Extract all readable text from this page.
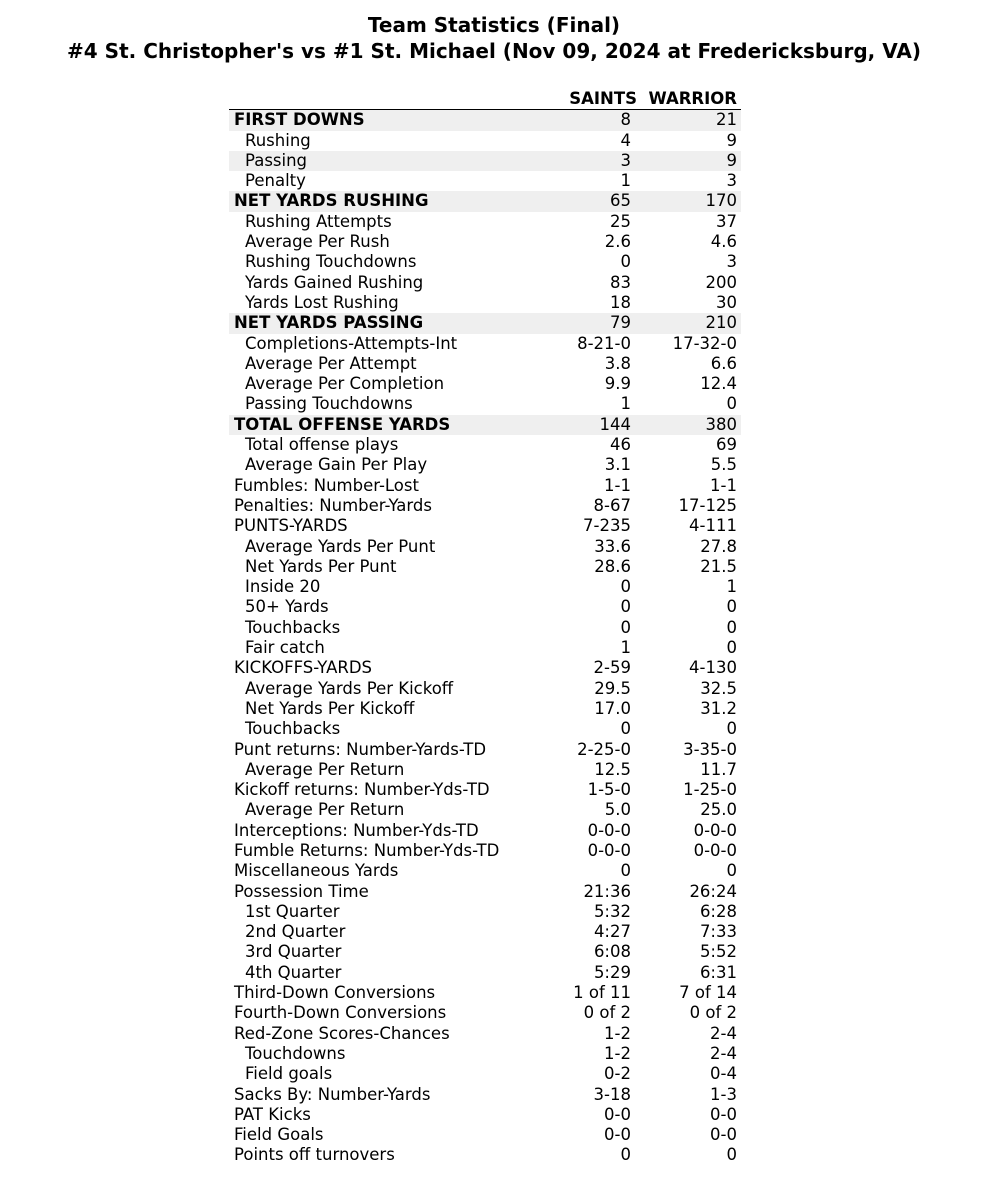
Team Statistics (Final)
#4 St. Christopher's vs #1 St. Michael (Nov 09, 2024 at Fredericksburg, VA)
	SAINTS	WARRIOR
FIRST DOWNS	8	21
Rushing	4	9
Passing	3	9
Penalty	1	3
NET YARDS RUSHING	65	170
Rushing Attempts	25	37
Average Per Rush	2.6	4.6
Rushing Touchdowns	0	3
Yards Gained Rushing	83	200
Yards Lost Rushing	18	30
NET YARDS PASSING	79	210
Completions-Attempts-Int	8-21-0	17-32-0
Average Per Attempt	3.8	6.6
Average Per Completion	9.9	12.4
Passing Touchdowns	1	0
TOTAL OFFENSE YARDS	144	380
Total offense plays	46	69
Average Gain Per Play	3.1	5.5
Fumbles: Number-Lost	1-1	1-1
Penalties: Number-Yards	8-67	17-125
PUNTS-YARDS	7-235	4-111
Average Yards Per Punt	33.6	27.8
Net Yards Per Punt	28.6	21.5
Inside 20	0	1
50+ Yards	0	0
Touchbacks	0	0
Fair catch	1	0
KICKOFFS-YARDS	2-59	4-130
Average Yards Per Kickoff	29.5	32.5
Net Yards Per Kickoff	17.0	31.2
Touchbacks	0	0
Punt returns: Number-Yards-TD	2-25-0	3-35-0
Average Per Return	12.5	11.7
Kickoff returns: Number-Yds-TD	1-5-0	1-25-0
Average Per Return	5.0	25.0
Interceptions: Number-Yds-TD	0-0-0	0-0-0
Fumble Returns: Number-Yds-TD	0-0-0	0-0-0
Miscellaneous Yards	0	0
Possession Time	21:36	26:24
1st Quarter	5:32	6:28
2nd Quarter	4:27	7:33
3rd Quarter	6:08	5:52
4th Quarter	5:29	6:31
Third-Down Conversions	1 of 11	7 of 14
Fourth-Down Conversions	0 of 2	0 of 2
Red-Zone Scores-Chances	1-2	2-4
Touchdowns	1-2	2-4
Field goals	0-2	0-4
Sacks By: Number-Yards	3-18	1-3
PAT Kicks	0-0	0-0
Field Goals	0-0	0-0
Points off turnovers	0	0
